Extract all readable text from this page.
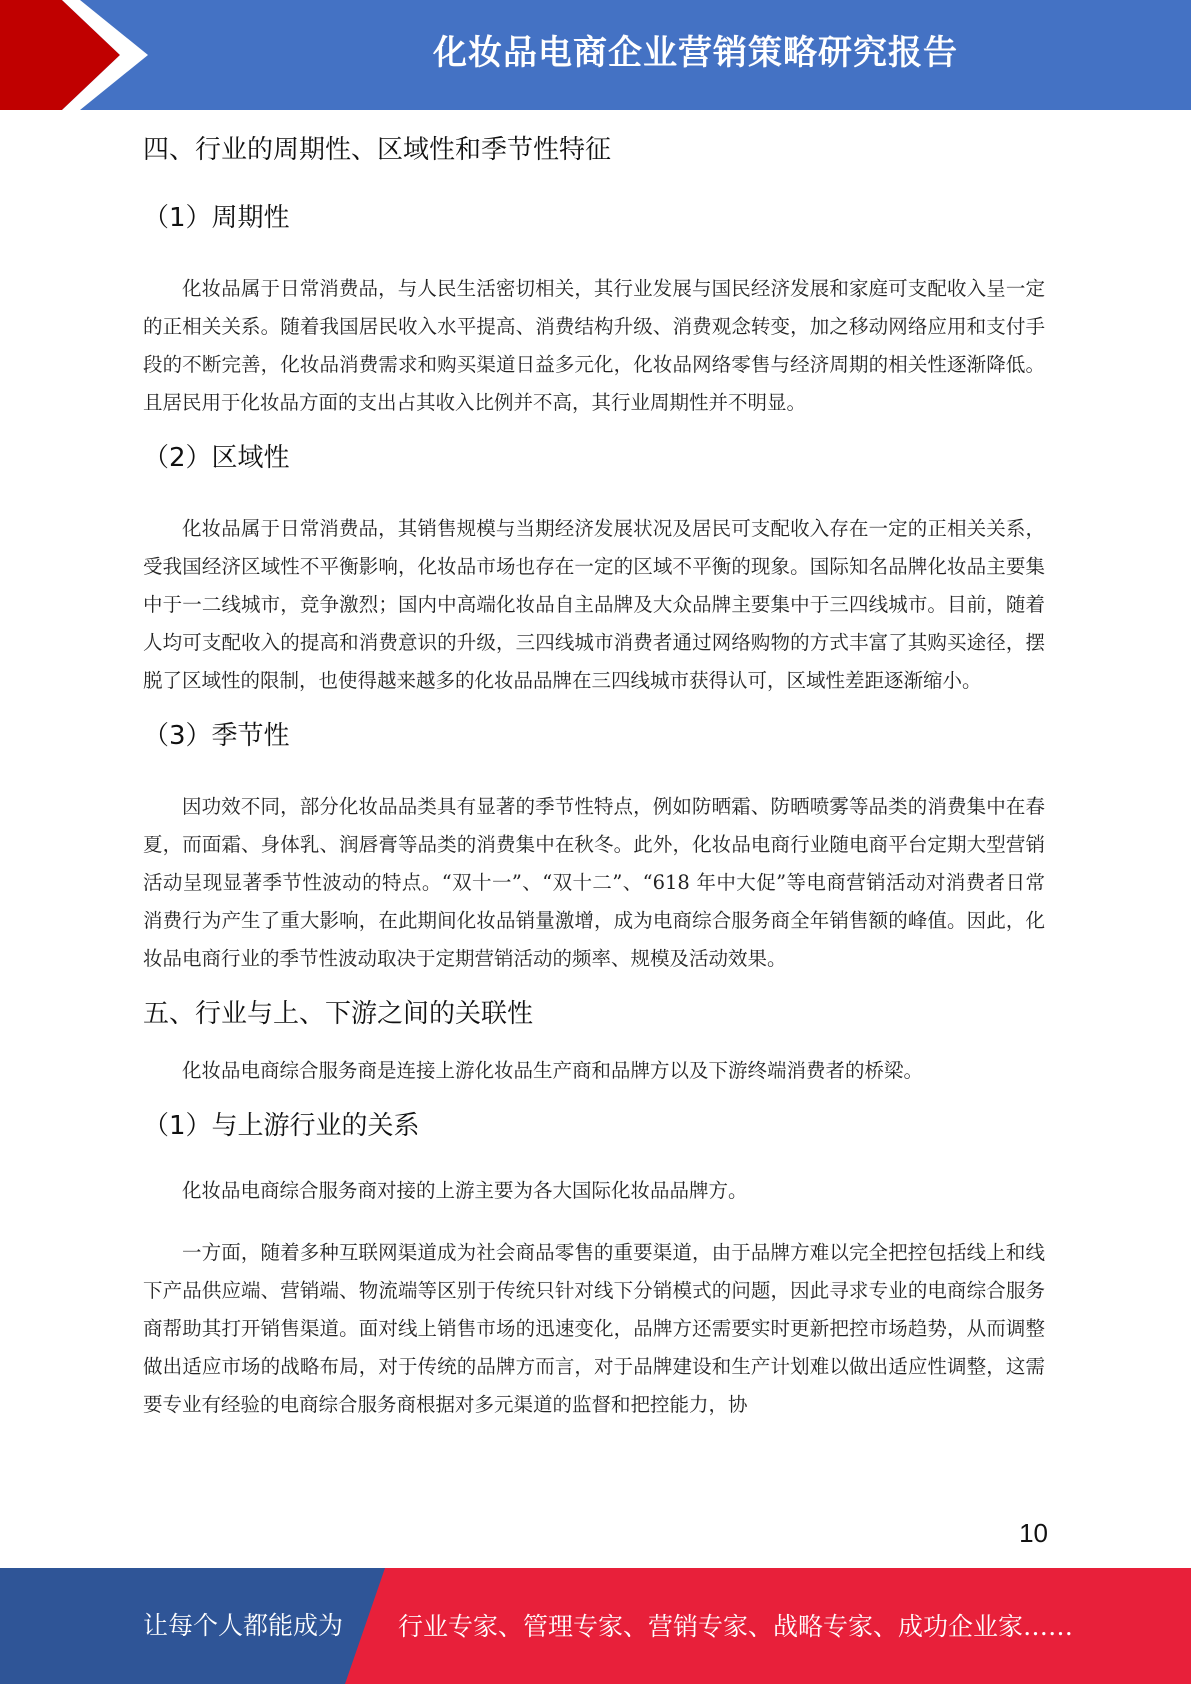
化妆品电商企业营销策略研究报告
四、行业的周期性、区域性和季节性特征
（1）周期性

化妆品属于日常消费品，与人民生活密切相关，其行业发展与国民经济发展和家庭可支配收入呈一定的正相关关系。随着我国居民收入水平提高、消费结构升级、消费观念转变，加之移动网络应用和支付手段的不断完善，化妆品消费需求和购买渠道日益多元化，化妆品网络零售与经济周期的相关性逐渐降低。且居民用于化妆品方面的支出占其收入比例并不高，其行业周期性并不明显。

（2）区域性

化妆品属于日常消费品，其销售规模与当期经济发展状况及居民可支配收入存在一定的正相关关系，受我国经济区域性不平衡影响，化妆品市场也存在一定的区域不平衡的现象。国际知名品牌化妆品主要集中于一二线城市，竞争激烈；国内中高端化妆品自主品牌及大众品牌主要集中于三四线城市。目前，随着人均可支配收入的提高和消费意识的升级，三四线城市消费者通过网络购物的方式丰富了其购买途径，摆脱了区域性的限制，也使得越来越多的化妆品品牌在三四线城市获得认可，区域性差距逐渐缩小。

（3）季节性

因功效不同，部分化妆品品类具有显著的季节性特点，例如防晒霜、防晒喷雾等品类的消费集中在春夏，而面霜、身体乳、润唇膏等品类的消费集中在秋冬。此外，化妆品电商行业随电商平台定期大型营销活动呈现显著季节性波动的特点。“双十一”、“双十二”、“618 年中大促”等电商营销活动对消费者日常消费行为产生了重大影响，在此期间化妆品销量激增，成为电商综合服务商全年销售额的峰值。因此，化妆品电商行业的季节性波动取决于定期营销活动的频率、规模及活动效果。

五、行业与上、下游之间的关联性

化妆品电商综合服务商是连接上游化妆品生产商和品牌方以及下游终端消费者的桥梁。

（1）与上游行业的关系

化妆品电商综合服务商对接的上游主要为各大国际化妆品品牌方。

一方面，随着多种互联网渠道成为社会商品零售的重要渠道，由于品牌方难以完全把控包括线上和线下产品供应端、营销端、物流端等区别于传统只针对线下分销模式的问题，因此寻求专业的电商综合服务商帮助其打开销售渠道。面对线上销售市场的迅速变化，品牌方还需要实时更新把控市场趋势，从而调整做出适应市场的战略布局，对于传统的品牌方而言，对于品牌建设和生产计划难以做出适应性调整，这需要专业有经验的电商综合服务商根据对多元渠道的监督和把控能力，协

10
让每个人都能成为 行业专家、管理专家、营销专家、战略专家、成功企业家……
